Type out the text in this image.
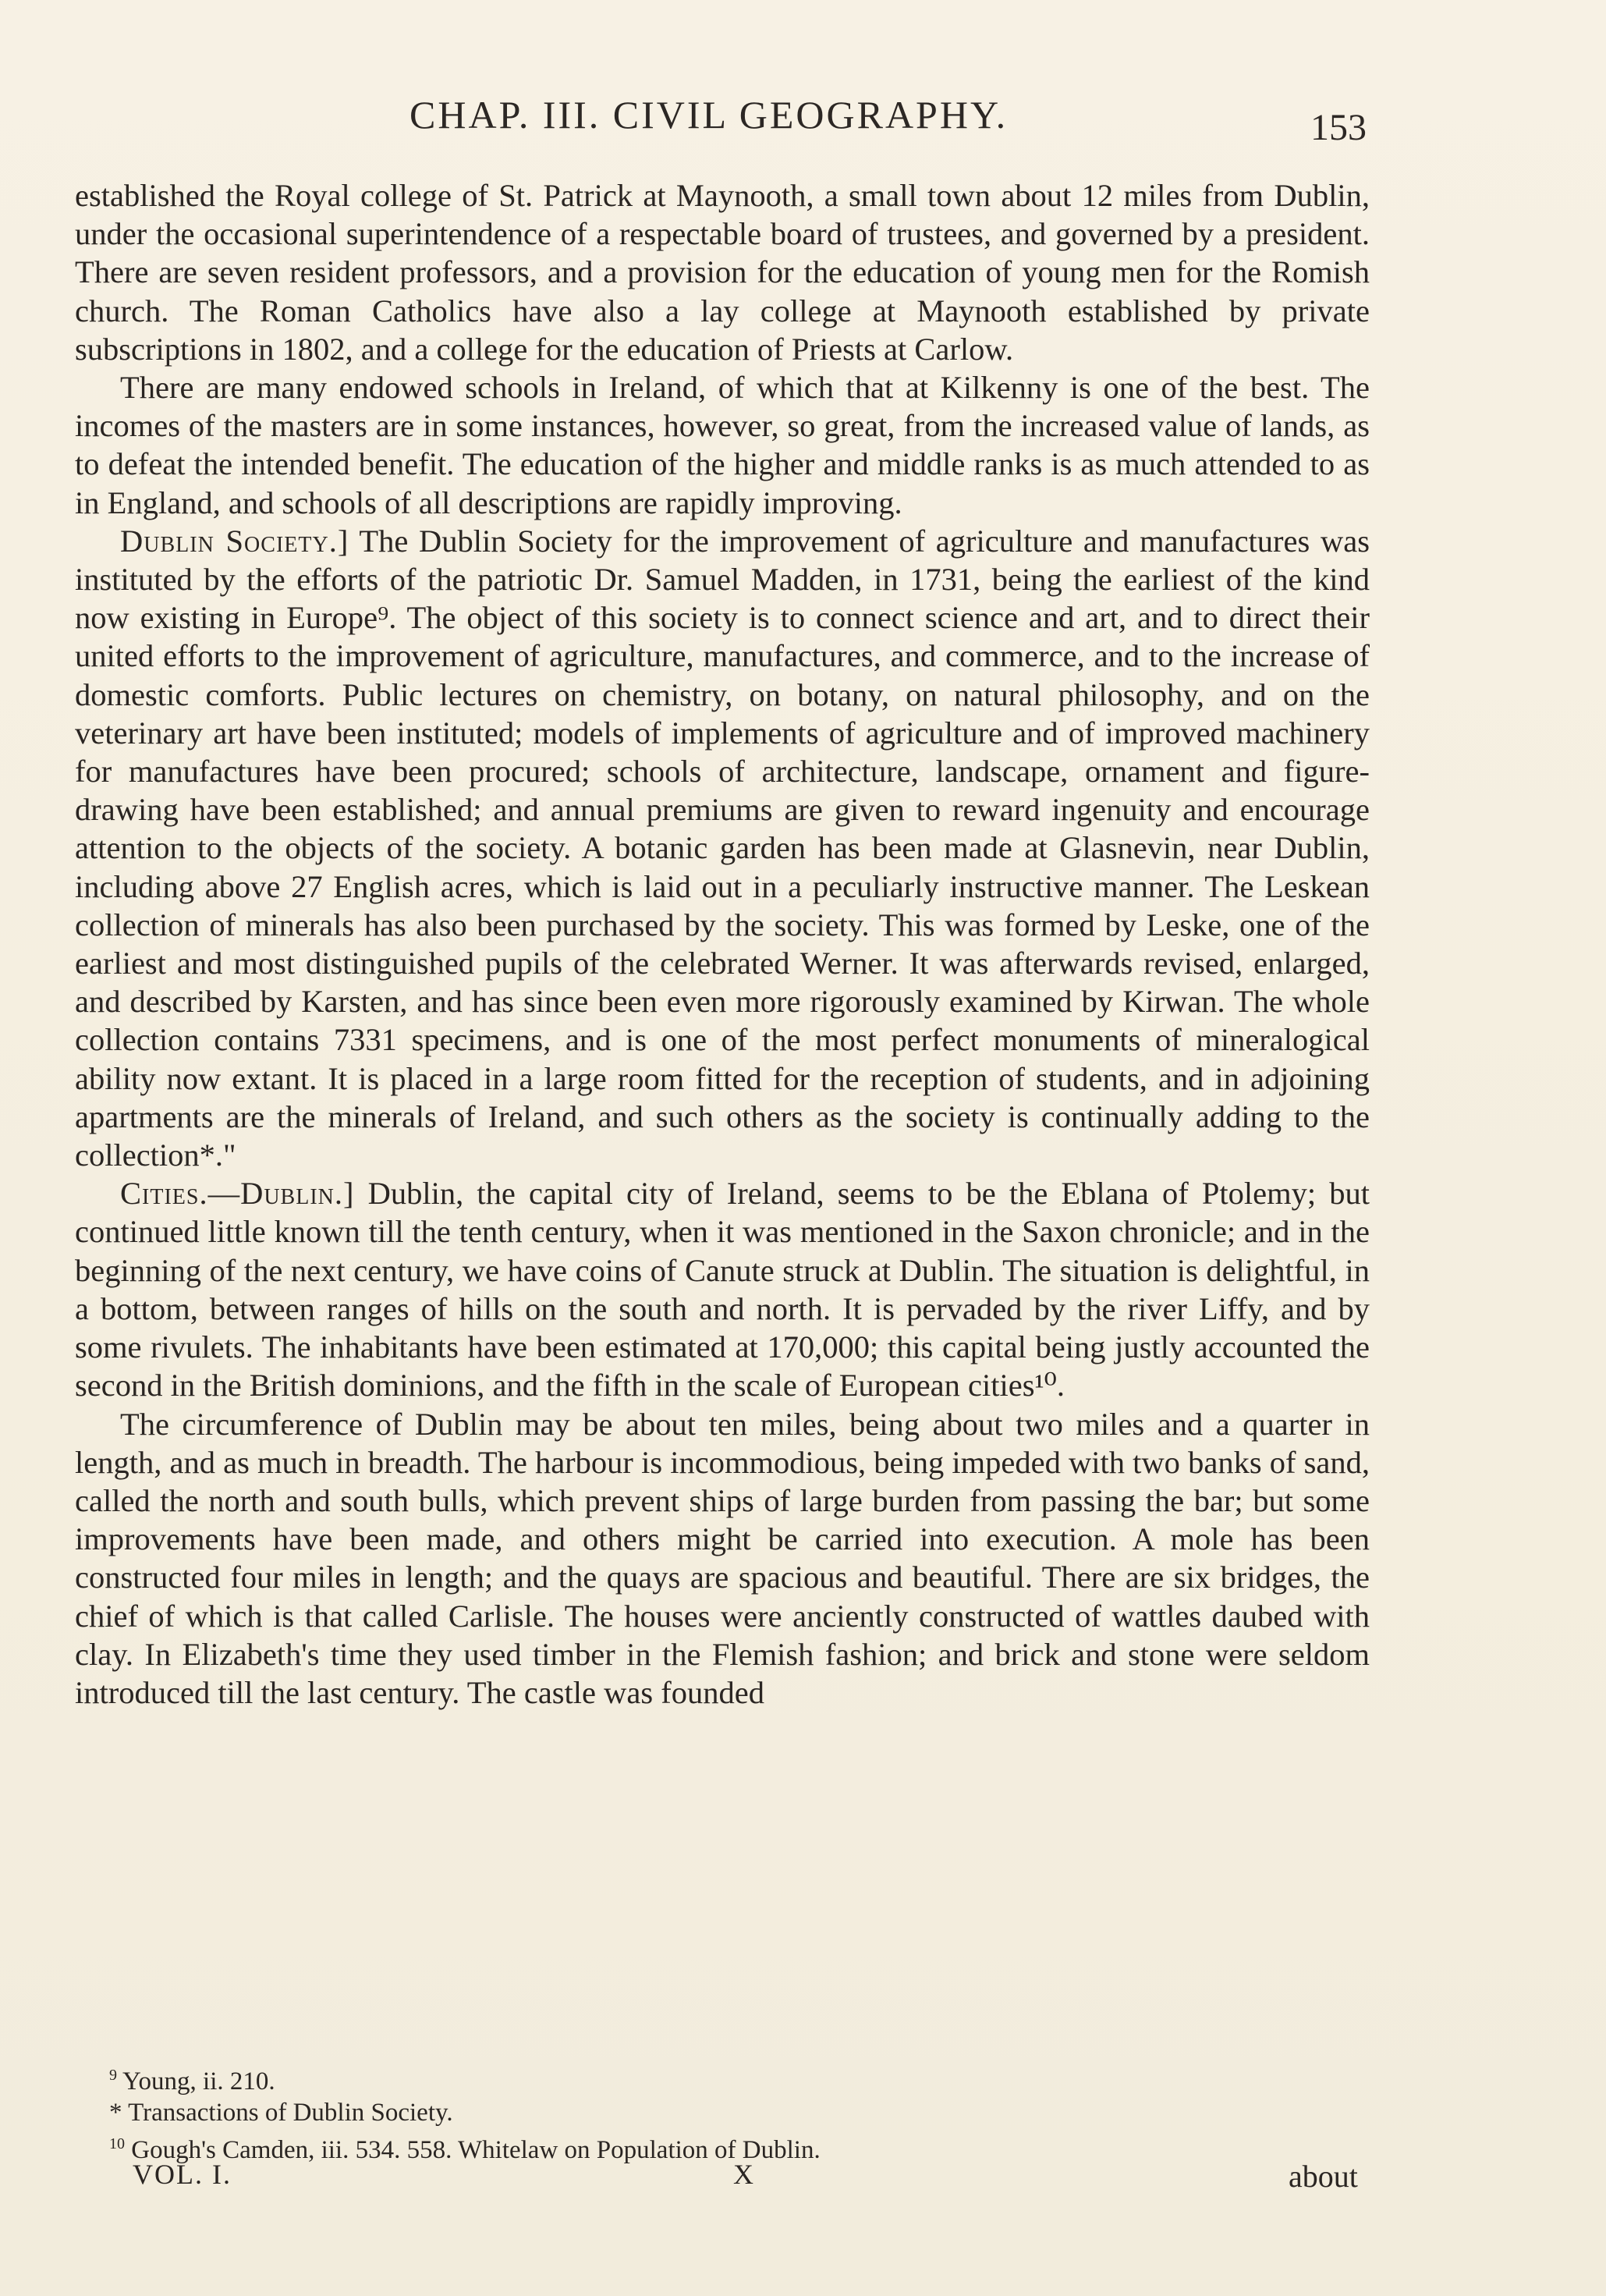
CHAP. III. CIVIL GEOGRAPHY.	153

established the Royal college of St. Patrick at Maynooth, a small town about 12 miles from Dublin, under the occasional superintendence of a respectable board of trustees, and governed by a president. There are seven resident professors, and a provision for the education of young men for the Romish church. The Roman Catholics have also a lay college at Maynooth established by private subscriptions in 1802, and a college for the education of Priests at Carlow.

There are many endowed schools in Ireland, of which that at Kilkenny is one of the best. The incomes of the masters are in some instances, however, so great, from the increased value of lands, as to defeat the intended benefit. The education of the higher and middle ranks is as much attended to as in England, and schools of all descriptions are rapidly improving.

Dublin Society.] The Dublin Society for the improvement of agriculture and manufactures was instituted by the efforts of the patriotic Dr. Samuel Madden, in 1731, being the earliest of the kind now existing in Europe⁹. The object of this society is to connect science and art, and to direct their united efforts to the improvement of agriculture, manufactures, and commerce, and to the increase of domestic comforts. Public lectures on chemistry, on botany, on natural philosophy, and on the veterinary art have been instituted; models of implements of agriculture and of improved machinery for manufactures have been procured; schools of architecture, landscape, ornament and figure-drawing have been established; and annual premiums are given to reward ingenuity and encourage attention to the objects of the society. A botanic garden has been made at Glasnevin, near Dublin, including above 27 English acres, which is laid out in a peculiarly instructive manner. The Leskean collection of minerals has also been purchased by the society. This was formed by Leske, one of the earliest and most distinguished pupils of the celebrated Werner. It was afterwards revised, enlarged, and described by Karsten, and has since been even more rigorously examined by Kirwan. The whole collection contains 7331 specimens, and is one of the most perfect monuments of mineralogical ability now extant. It is placed in a large room fitted for the reception of students, and in adjoining apartments are the minerals of Ireland, and such others as the society is continually adding to the collection*."

Cities.—Dublin.] Dublin, the capital city of Ireland, seems to be the Eblana of Ptolemy; but continued little known till the tenth century, when it was mentioned in the Saxon chronicle; and in the beginning of the next century, we have coins of Canute struck at Dublin. The situation is delightful, in a bottom, between ranges of hills on the south and north. It is pervaded by the river Liffy, and by some rivulets. The inhabitants have been estimated at 170,000; this capital being justly accounted the second in the British dominions, and the fifth in the scale of European cities¹⁰.

The circumference of Dublin may be about ten miles, being about two miles and a quarter in length, and as much in breadth. The harbour is incommodious, being impeded with two banks of sand, called the north and south bulls, which prevent ships of large burden from passing the bar; but some improvements have been made, and others might be carried into execution. A mole has been constructed four miles in length; and the quays are spacious and beautiful. There are six bridges, the chief of which is that called Carlisle. The houses were anciently constructed of wattles daubed with clay. In Elizabeth's time they used timber in the Flemish fashion; and brick and stone were seldom introduced till the last century. The castle was founded

$^9$ Young, ii. 210.
* Transactions of Dublin Society.
$^{10}$ Gough's Camden, iii. 534. 558. Whitelaw on Population of Dublin.
VOL. I.	X	about
